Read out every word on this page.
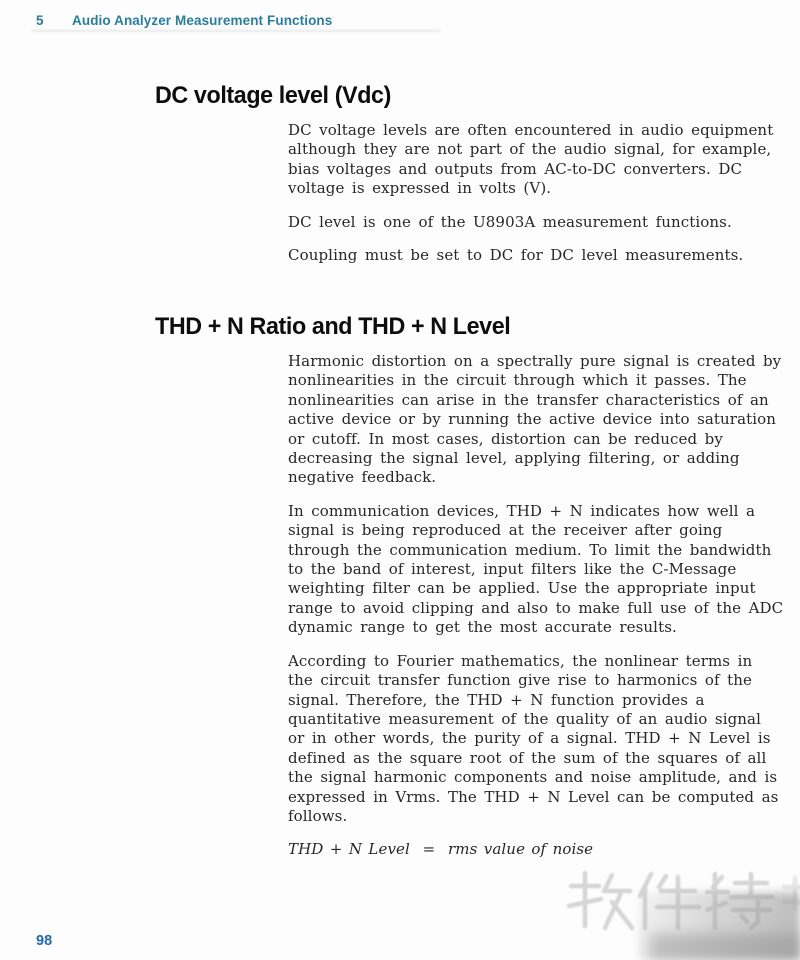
5	Audio Analyzer Measurement Functions
DC voltage level (Vdc)
DC voltage levels are often encountered in audio equipment
although they are not part of the audio signal, for example,
bias voltages and outputs from AC-to-DC converters. DC
voltage is expressed in volts (V).
DC level is one of the U8903A measurement functions.
Coupling must be set to DC for DC level measurements.
THD + N Ratio and THD + N Level
Harmonic distortion on a spectrally pure signal is created by
nonlinearities in the circuit through which it passes. The
nonlinearities can arise in the transfer characteristics of an
active device or by running the active device into saturation
or cutoff. In most cases, distortion can be reduced by
decreasing the signal level, applying filtering, or adding
negative feedback.
In communication devices, THD + N indicates how well a
signal is being reproduced at the receiver after going
through the communication medium. To limit the bandwidth
to the band of interest, input filters like the C-Message
weighting filter can be applied. Use the appropriate input
range to avoid clipping and also to make full use of the ADC
dynamic range to get the most accurate results.
According to Fourier mathematics, the nonlinear terms in
the circuit transfer function give rise to harmonics of the
signal. Therefore, the THD + N function provides a
quantitative measurement of the quality of an audio signal
or in other words, the purity of a signal. THD + N Level is
defined as the square root of the sum of the squares of all
the signal harmonic components and noise amplitude, and is
expressed in Vrms. The THD + N Level can be computed as
follows.
THD + N Level  =  rms value of noise
98
